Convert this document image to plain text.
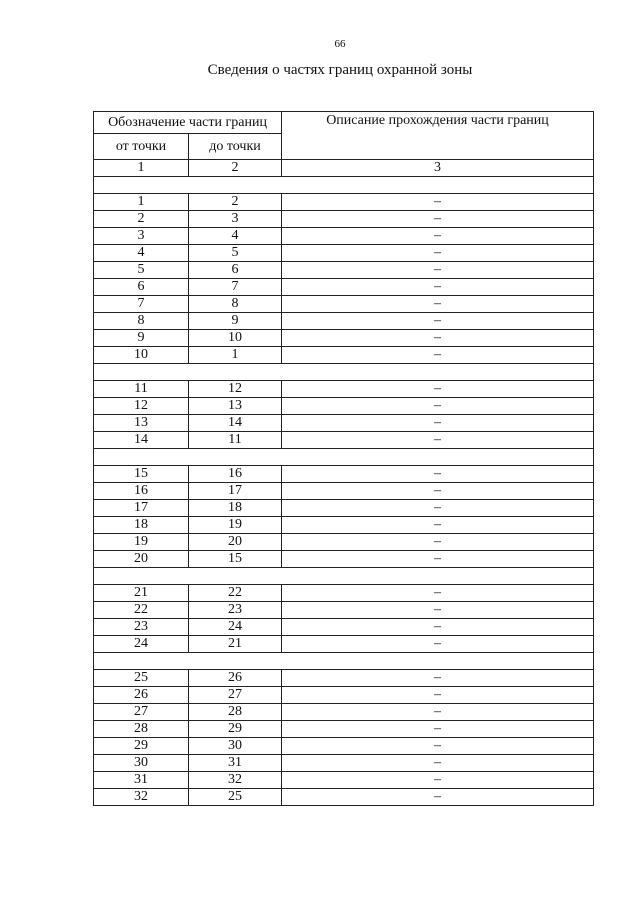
66
Сведения о частях границ охранной зоны
Обозначение части границ		Описание прохождения части границ
от точки	до точки	
1	2	3

1	2	–
2	3	–
3	4	–
4	5	–
5	6	–
6	7	–
7	8	–
8	9	–
9	10	–
10	1	–

11	12	–
12	13	–
13	14	–
14	11	–

15	16	–
16	17	–
17	18	–
18	19	–
19	20	–
20	15	–

21	22	–
22	23	–
23	24	–
24	21	–

25	26	–
26	27	–
27	28	–
28	29	–
29	30	–
30	31	–
31	32	–
32	25	–
